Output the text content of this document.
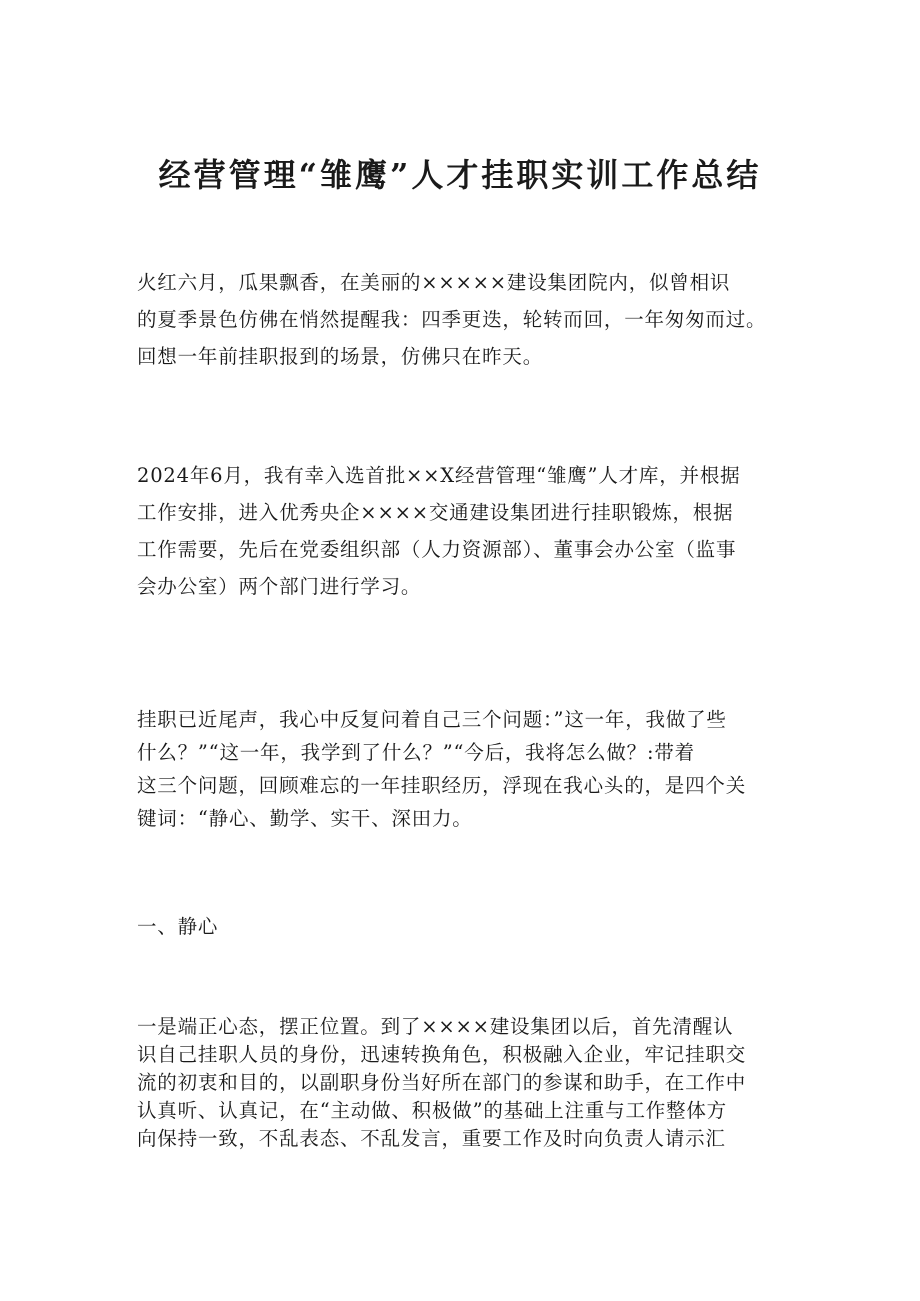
经营管理“雏鹰”人才挂职实训工作总结
火红六月，瓜果飘香，在美丽的×××××建设集团院内，似曾相识
的夏季景色仿佛在悄然提醒我：四季更迭，轮转而回，一年匆匆而过。
回想一年前挂职报到的场景，仿佛只在昨天。
2024年6月，我有幸入选首批××X经营管理“雏鹰”人才库，并根据
工作安排，进入优秀央企××××交通建设集团进行挂职锻炼，根据
工作需要，先后在党委组织部（人力资源部）、董事会办公室（监事
会办公室）两个部门进行学习。
挂职已近尾声，我心中反复问着自己三个问题：”这一年，我做了些
什么？”“这一年，我学到了什么？”“今后，我将怎么做？:带着
这三个问题，回顾难忘的一年挂职经历，浮现在我心头的，是四个关
键词：“静心、勤学、实干、深田力。
一、静心
一是端正心态，摆正位置。到了××××建设集团以后，首先清醒认
识自己挂职人员的身份，迅速转换角色，积极融入企业，牢记挂职交
流的初衷和目的，以副职身份当好所在部门的参谋和助手，在工作中
认真听、认真记，在“主动做、积极做”的基础上注重与工作整体方
向保持一致，不乱表态、不乱发言，重要工作及时向负责人请示汇
